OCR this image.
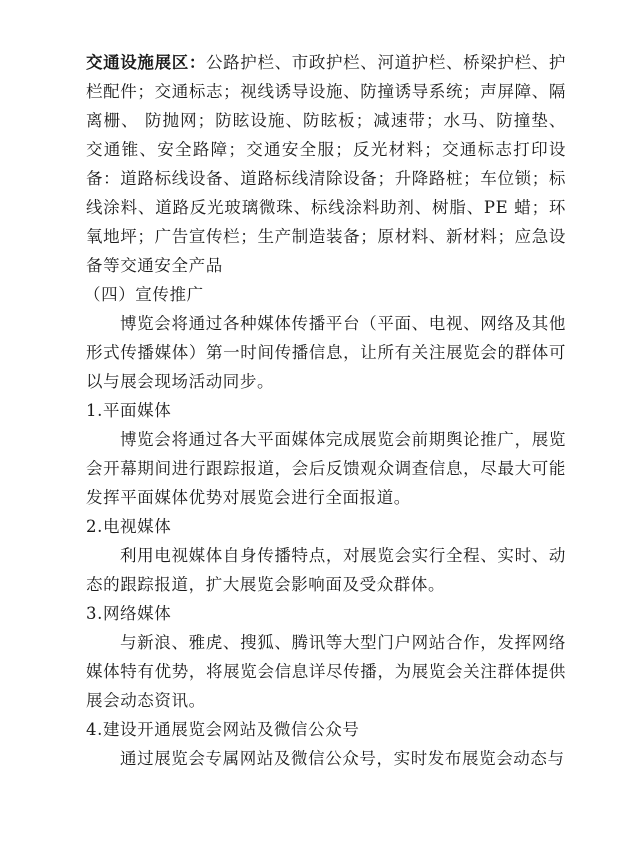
交通设施展区：公路护栏、市政护栏、河道护栏、桥梁护栏、护栏配件；交通标志；视线诱导设施、防撞诱导系统；声屏障、隔离栅、 防抛网；防眩设施、防眩板；减速带；水马、防撞垫、交通锥、安全路障；交通安全服；反光材料；交通标志打印设备：道路标线设备、道路标线清除设备；升降路桩；车位锁；标线涂料、道路反光玻璃微珠、标线涂料助剂、树脂、PE 蜡；环氧地坪；广告宣传栏；生产制造装备；原材料、新材料；应急设备等交通安全产品

（四）宣传推广

博览会将通过各种媒体传播平台（平面、电视、网络及其他形式传播媒体）第一时间传播信息，让所有关注展览会的群体可以与展会现场活动同步。

1.平面媒体

博览会将通过各大平面媒体完成展览会前期舆论推广，展览会开幕期间进行跟踪报道，会后反馈观众调查信息，尽最大可能发挥平面媒体优势对展览会进行全面报道。

2.电视媒体

利用电视媒体自身传播特点，对展览会实行全程、实时、动态的跟踪报道，扩大展览会影响面及受众群体。

3.网络媒体

与新浪、雅虎、搜狐、腾讯等大型门户网站合作，发挥网络媒体特有优势，将展览会信息详尽传播，为展览会关注群体提供展会动态资讯。

4.建设开通展览会网站及微信公众号

通过展览会专属网站及微信公众号，实时发布展览会动态与
